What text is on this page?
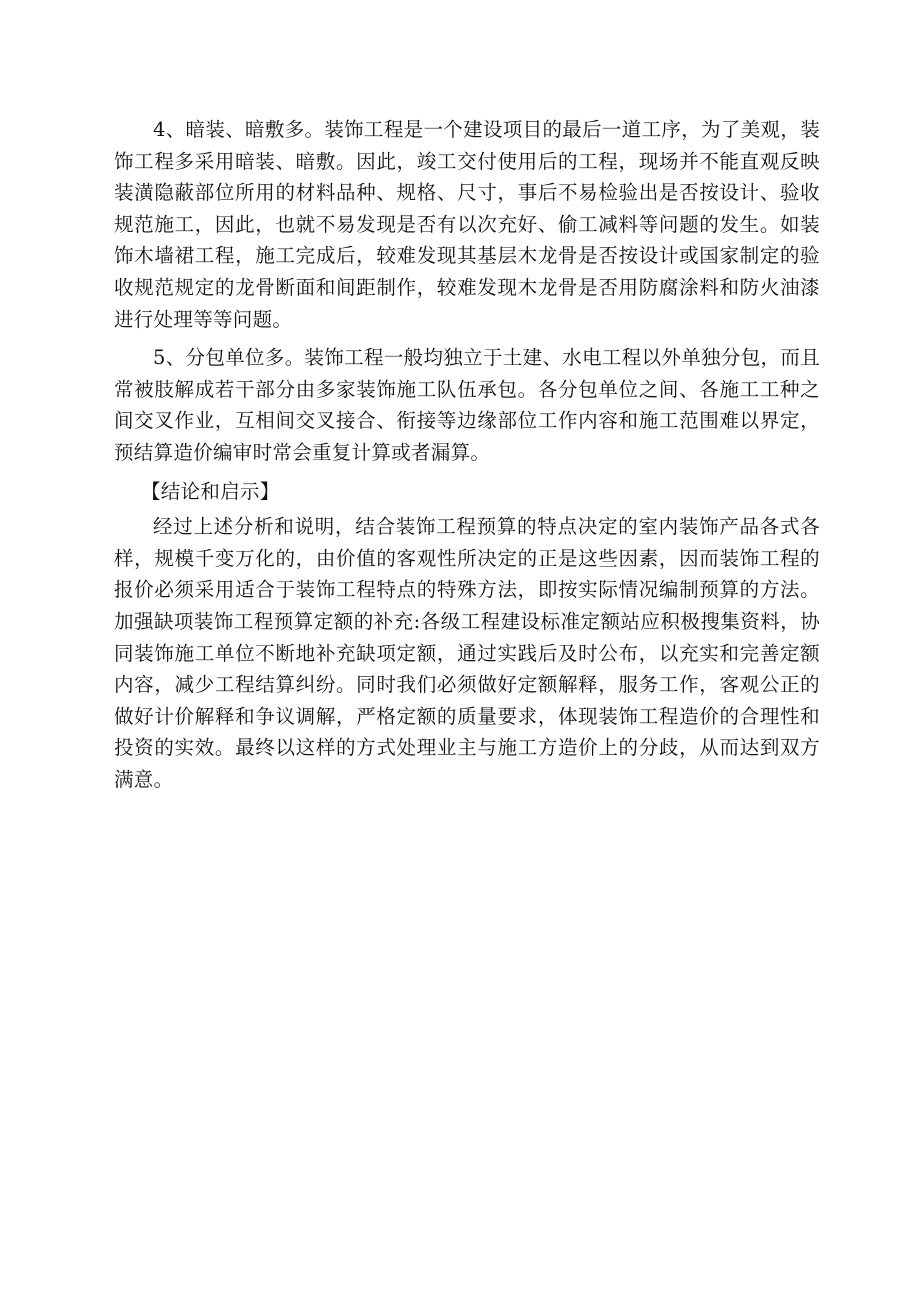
4、暗装、暗敷多。装饰工程是一个建设项目的最后一道工序，为了美观，装饰工程多采用暗装、暗敷。因此，竣工交付使用后的工程，现场并不能直观反映装潢隐蔽部位所用的材料品种、规格、尺寸，事后不易检验出是否按设计、验收规范施工，因此，也就不易发现是否有以次充好、偷工减料等问题的发生。如装饰木墙裙工程，施工完成后，较难发现其基层木龙骨是否按设计或国家制定的验收规范规定的龙骨断面和间距制作，较难发现木龙骨是否用防腐涂料和防火油漆进行处理等等问题。

5、分包单位多。装饰工程一般均独立于土建、水电工程以外单独分包，而且常被肢解成若干部分由多家装饰施工队伍承包。各分包单位之间、各施工工种之间交叉作业，互相间交叉接合、衔接等边缘部位工作内容和施工范围难以界定，预结算造价编审时常会重复计算或者漏算。

【结论和启示】

经过上述分析和说明，结合装饰工程预算的特点决定的室内装饰产品各式各样，规模千变万化的，由价值的客观性所决定的正是这些因素，因而装饰工程的报价必须采用适合于装饰工程特点的特殊方法，即按实际情况编制预算的方法。加强缺项装饰工程预算定额的补充:各级工程建设标准定额站应积极搜集资料，协同装饰施工单位不断地补充缺项定额，通过实践后及时公布，以充实和完善定额内容，减少工程结算纠纷。同时我们必须做好定额解释，服务工作，客观公正的做好计价解释和争议调解，严格定额的质量要求，体现装饰工程造价的合理性和投资的实效。最终以这样的方式处理业主与施工方造价上的分歧，从而达到双方满意。
